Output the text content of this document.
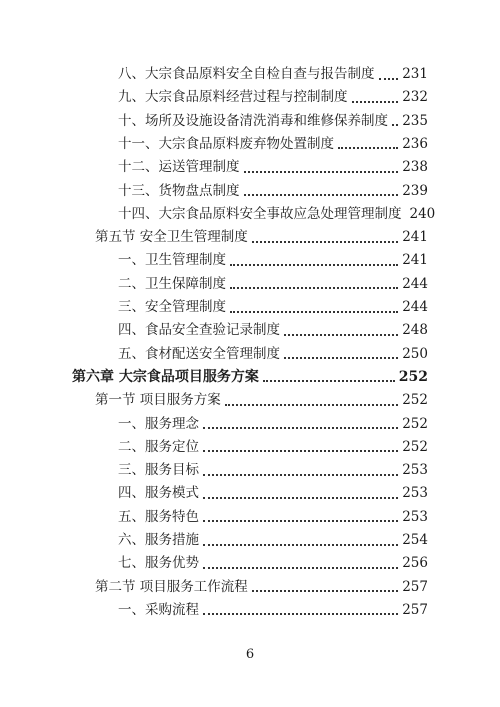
八、大宗食品原料安全自检自查与报告制度 231
九、大宗食品原料经营过程与控制制度	232
十、场所及设施设备清洗消毒和维修保养制度 235
十一、大宗食品原料废弃物处置制度	236
十二、运送管理制度	238
十三、货物盘点制度	239
十四、大宗食品原料安全事故应急处理管理制度 240
第五节 安全卫生管理制度	241
一、卫生管理制度	241
二、卫生保障制度	244
三、安全管理制度	244
四、食品安全查验记录制度	248
五、食材配送安全管理制度	250
第六章 大宗食品项目服务方案	252
第一节 项目服务方案	252
一、服务理念	252
二、服务定位	252
三、服务目标	253
四、服务模式	253
五、服务特色	253
六、服务措施	254
七、服务优势	256
第二节 项目服务工作流程	257
一、采购流程	257
6
